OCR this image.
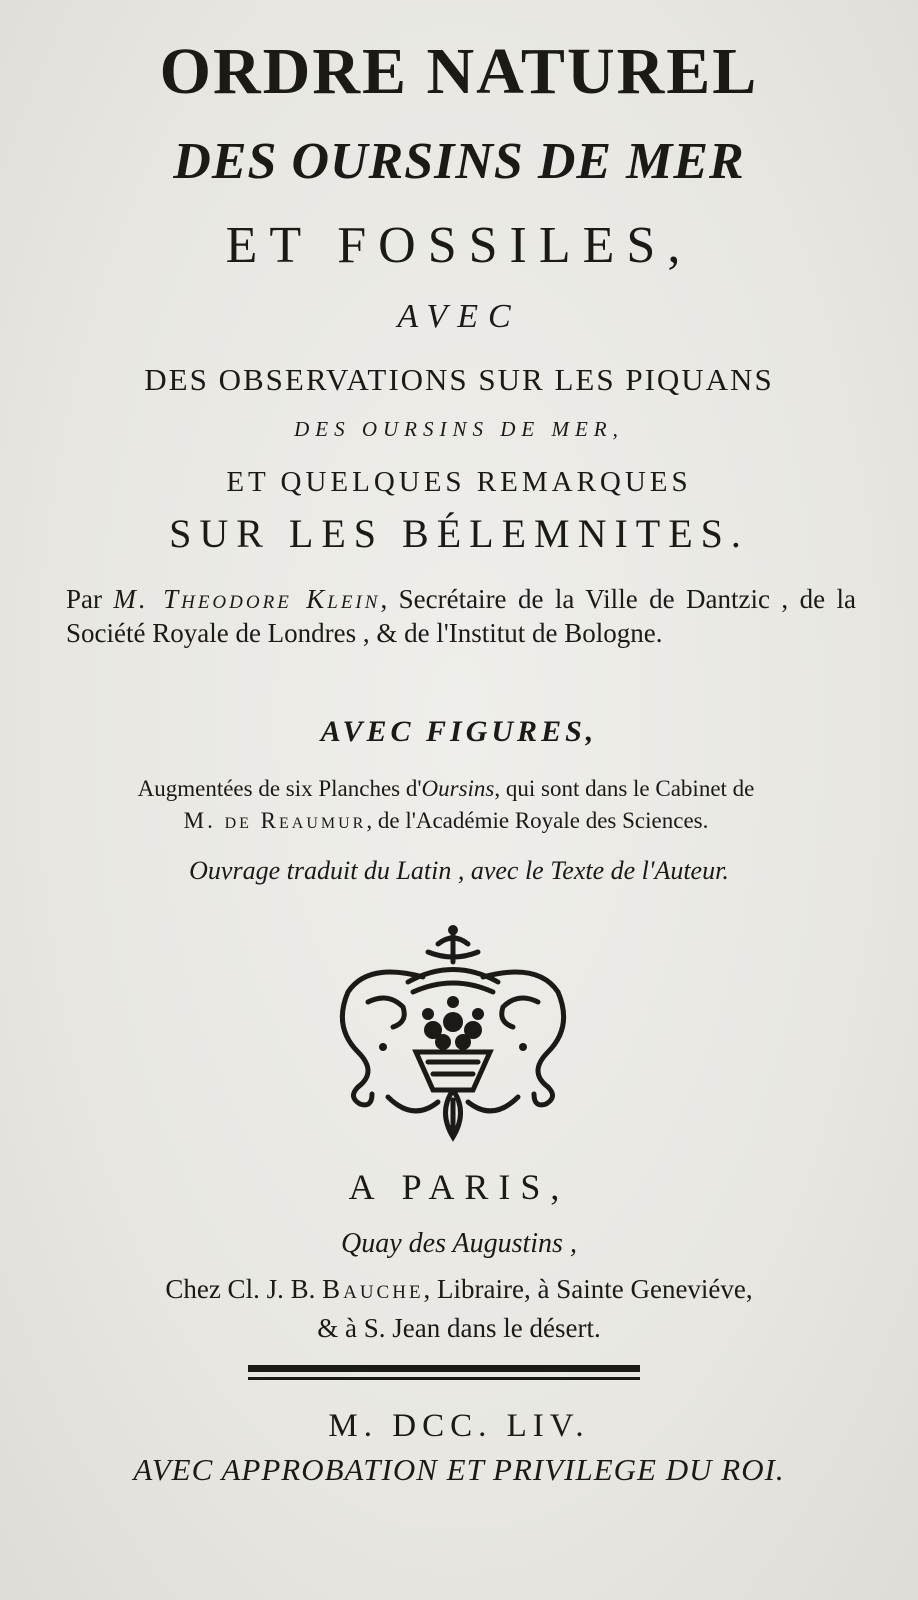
ORDRE NATUREL
DES OURSINS DE MER
ET FOSSILES,
AVEC
DES OBSERVATIONS SUR LES PIQUANS
DES OURSINS DE MER,
ET QUELQUES REMARQUES
SUR LES BÉLEMNITES.
Par M. Theodore Klein, Secrétaire de la Ville de Dantzic , de la Société Royale de Londres , & de l'Institut de Bologne.
AVEC FIGURES,
Augmentées de six Planches d'Oursins, qui sont dans le Cabinet de
M. de Reaumur, de l'Académie Royale des Sciences.
Ouvrage traduit du Latin , avec le Texte de l'Auteur.
A PARIS,
Quay des Augustins ,
Chez Cl. J. B. Bauche, Libraire, à Sainte Geneviéve,
& à S. Jean dans le désert.
M. DCC. LIV.
AVEC APPROBATION ET PRIVILEGE DU ROI.
